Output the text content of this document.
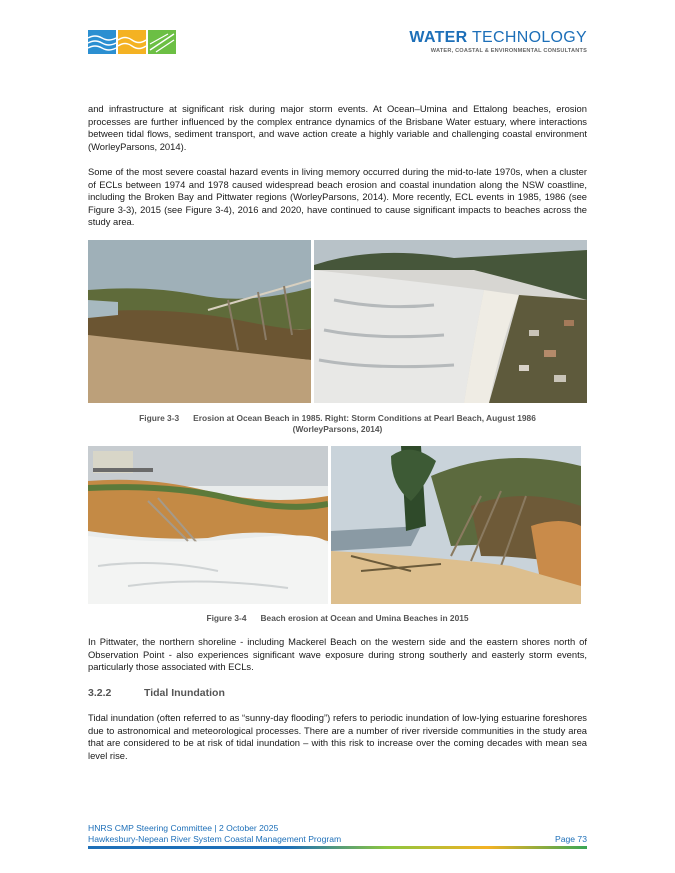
WATER TECHNOLOGY
WATER, COASTAL & ENVIRONMENTAL CONSULTANTS

and infrastructure at significant risk during major storm events. At Ocean–Umina and Ettalong beaches, erosion processes are further influenced by the complex entrance dynamics of the Brisbane Water estuary, where interactions between tidal flows, sediment transport, and wave action create a highly variable and challenging coastal environment (WorleyParsons, 2014).

Some of the most severe coastal hazard events in living memory occurred during the mid-to-late 1970s, when a cluster of ECLs between 1974 and 1978 caused widespread beach erosion and coastal inundation along the NSW coastline, including the Broken Bay and Pittwater regions (WorleyParsons, 2014). More recently, ECL events in 1985, 1986 (see Figure 3-3), 2015 (see Figure 3-4), 2016 and 2020, have continued to cause significant impacts to beaches across the study area.

Figure 3-3 Erosion at Ocean Beach in 1985. Right: Storm Conditions at Pearl Beach, August 1986
(WorleyParsons, 2014)
Figure 3-4 Beach erosion at Ocean and Umina Beaches in 2015

In Pittwater, the northern shoreline - including Mackerel Beach on the western side and the eastern shores north of Observation Point - also experiences significant wave exposure during strong southerly and easterly storm events, particularly those associated with ECLs.

3.2.2	Tidal Inundation

Tidal inundation (often referred to as “sunny-day flooding”) refers to periodic inundation of low-lying estuarine foreshores due to astronomical and meteorological processes. There are a number of river riverside communities in the study area that are considered to be at risk of tidal inundation – with this risk to increase over the coming decades with mean sea level rise.

HNRS CMP Steering Committee | 2 October 2025
Hawkesbury-Nepean River System Coastal Management Program	Page 73
